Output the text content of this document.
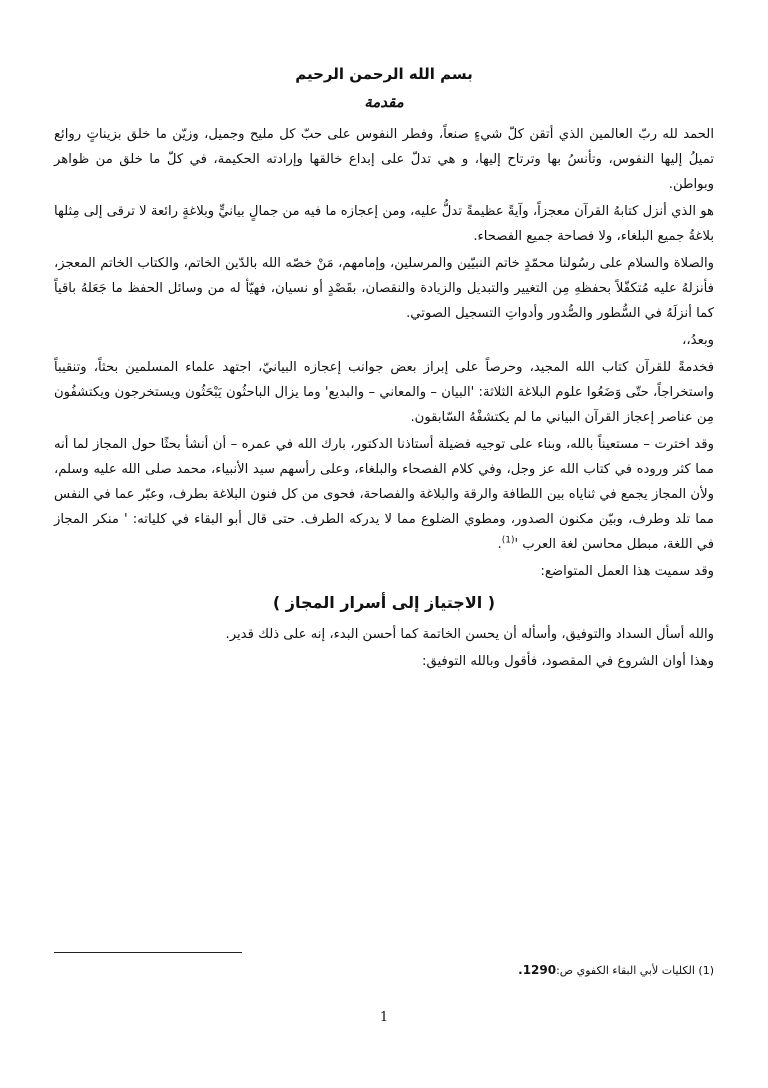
بسم الله الرحمن الرحيم
مقدمة

الحمد لله ربّ العالمين الذي أتقن كلّ شيءٍ صنعاً، وفطر النفوس على حبّ كل مليح وجميل، وزيّن ما خلق بزيناتٍ روائع تميلُ إليها النفوس، وتأنسُ بها وترتاح إليها، و هي تدلّ على إبداع خالقها وإرادته الحكيمة، في كلّ ما خلق من ظواهر وبواطن.

هو الذي أنزل كتابهُ القرآن معجزاً، وآيةً عظيمةً تدلُّ عليه، ومن إعجازه ما فيه من جمالٍ بيانيٍّ وبلاغةٍ رائعة لا ترقى إلى مِثلها بلاغةُ جميع البلغاء، ولا فصاحة جميع الفصحاء.

والصلاة والسلام على رسُولنا محمّدٍ خاتم النبيّين والمرسلين، وإمامهم، مَنْ خصّه الله بالدّين الخاتم، والكتاب الخاتم المعجز، فأنزلهُ عليه مُتكفّلاً بحفظهِ مِن التغيير والتبديل والزيادة والنقصان، بقَصْدٍ أو نسيان، فهيّأ له من وسائل الحفظ ما جَعَلهُ باقياً كما أنزلَهُ في السُّطور والصُّدور وأدواتِ التسجيل الصوتي.

وبعدُ،،

فخدمةً للقرآن كتاب الله المجيد، وحرصاً على إبراز بعض جوانب إعجازه البيانيّ، اجتهد علماء المسلمين بحثاً، وتنقيباً واستخراجاً، حتّى وَضَعُوا علوم البلاغة الثلاثة: 'البيان – والمعاني – والبديع' وما يزال الباحثُون يَبْحَثُون ويستخرجون ويكتشفُون مِن عناصر إعجاز القرآن البياني ما لم يكتشفْهُ السّابقون.

وقد اخترت – مستعيناً بالله، وبناء على توجيه فضيلة أستاذنا الدكتور، بارك الله في عمره – أن أنشأ بحثًا حول المجاز لما أنه مما كثر وروده في كتاب الله عز وجل، وفي كلام الفصحاء والبلغاء، وعلى رأسهم سيد الأنبياء، محمد صلى الله عليه وسلم، ولأن المجاز يجمع في ثناياه بين اللطافة والرقة والبلاغة والفصاحة، فحوى من كل فنون البلاغة بطرف، وعبّر عما في النفس مما تلد وطرف، وبيّن مكنون الصدور، ومطوي الضلوع مما لا يدركه الطرف. حتى قال أبو البقاء في كلياته: ' منكر المجاز في اللغة، مبطل محاسن لغة العرب '$^{(1)}$.

وقد سميت هذا العمل المتواضع:

( الاجتياز إلى أسرار المجاز )

والله أسأل السداد والتوفيق، وأسأله أن يحسن الخاتمة كما أحسن البدء، إنه على ذلك قدير.

وهذا أوان الشروع في المقصود، فأقول وبالله التوفيق:

(1) الكليات لأبي البقاء الكفوي ص:1290.
1
